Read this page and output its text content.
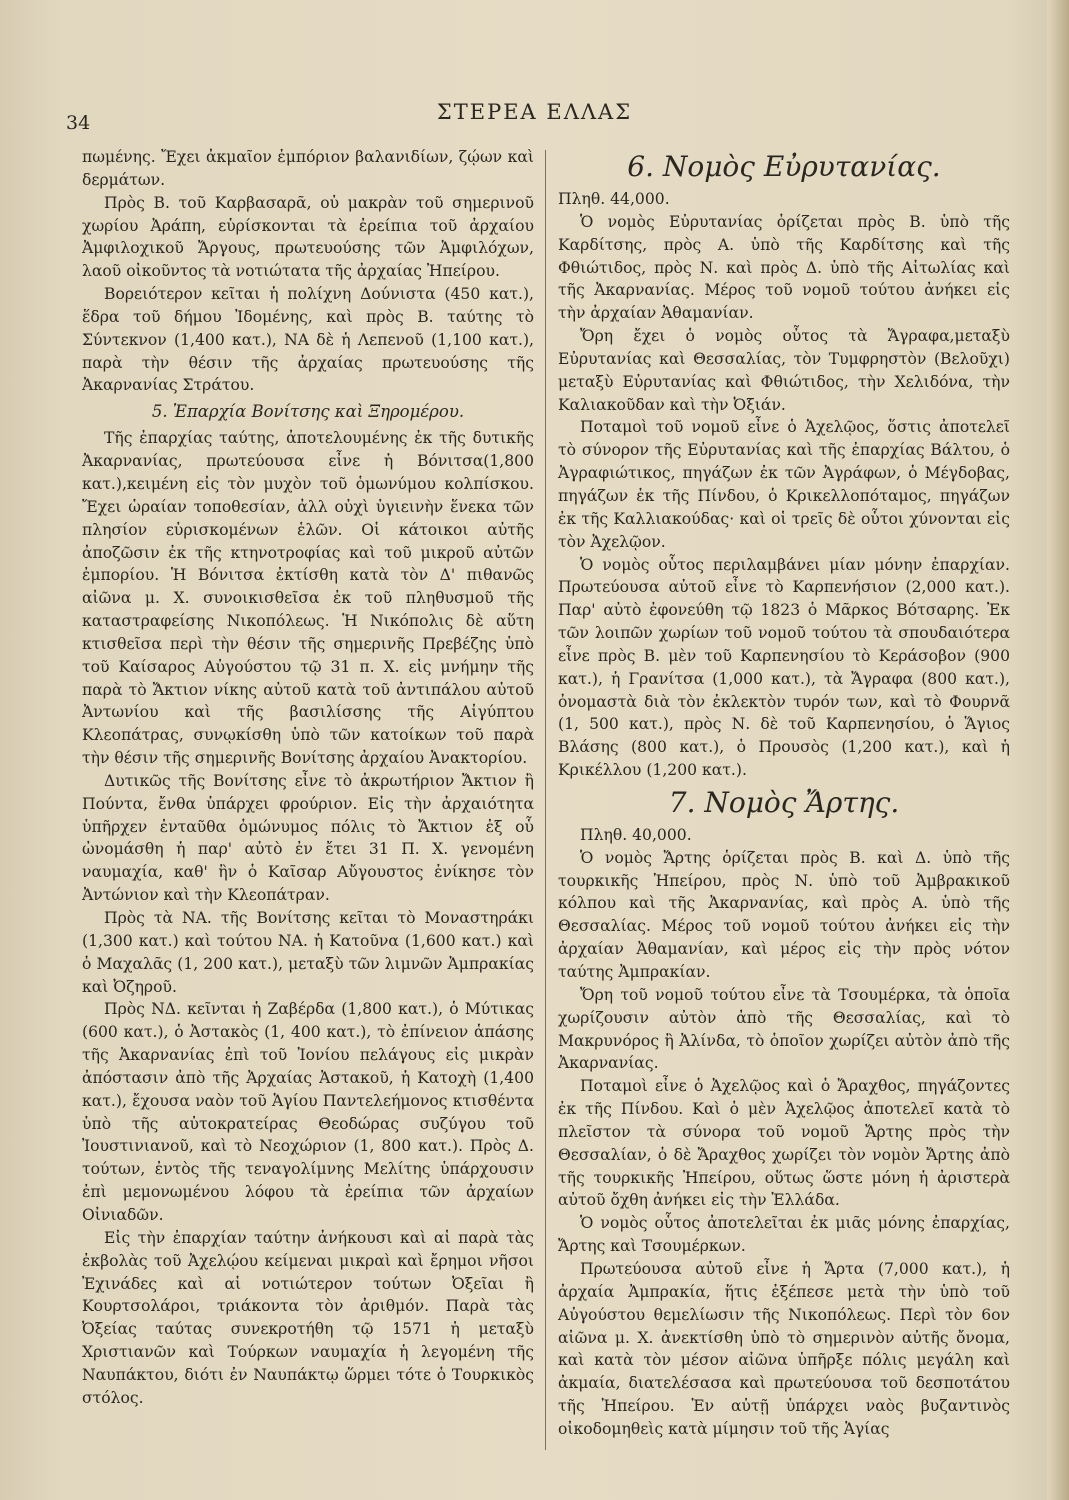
34	ΣΤΕΡΕΑ ΕΛΛΑΣ

πωμένης. Ἔχει ἀκμαῖον ἐμπόριον βαλανιδίων, ζῴων καὶ δερμάτων.

Πρὸς Β. τοῦ Καρβασαρᾶ, οὐ μακρὰν τοῦ σημερινοῦ χωρίου Ἀράπη, εὑρίσκονται τὰ ἐρείπια τοῦ ἀρχαίου Ἀμφιλοχικοῦ Ἄργους, πρωτευούσης τῶν Ἀμφιλόχων, λαοῦ οἰκοῦντος τὰ νοτιώτατα τῆς ἀρχαίας Ἠπείρου.

Βορειότερον κεῖται ἡ πολίχνη Δούνιστα (450 κατ.), ἕδρα τοῦ δήμου Ἰδομένης, καὶ πρὸς Β. ταύτης τὸ Σύντεκνον (1,400 κατ.), ΝΑ δὲ ἡ Λεπενοῦ (1,100 κατ.), παρὰ τὴν θέσιν τῆς ἀρχαίας πρωτευούσης τῆς Ἀκαρνανίας Στράτου.

5. Ἐπαρχία Βονίτσης καὶ Ξηρομέρου.

Τῆς ἐπαρχίας ταύτης, ἀποτελουμένης ἐκ τῆς δυτικῆς Ἀκαρνανίας, πρωτεύουσα εἶνε ἡ Βόνιτσα(1,800 κατ.),κειμένη εἰς τὸν μυχὸν τοῦ ὁμωνύμου κολπίσκου. Ἔχει ὡραίαν τοποθεσίαν, ἀλλ οὐχὶ ὑγιεινὴν ἕνεκα τῶν πλησίον εὑρισκομένων ἑλῶν. Οἱ κάτοικοι αὐτῆς ἀποζῶσιν ἐκ τῆς κτηνοτροφίας καὶ τοῦ μικροῦ αὐτῶν ἐμπορίου. Ἡ Βόνιτσα ἐκτίσθη κατὰ τὸν Δ' πιθανῶς αἰῶνα μ. Χ. συνοικισθεῖσα ἐκ τοῦ πληθυσμοῦ τῆς καταστραφείσης Νικοπόλεως. Ἡ Νικόπολις δὲ αὕτη κτισθεῖσα περὶ τὴν θέσιν τῆς σημερινῆς Πρεβέζης ὑπὸ τοῦ Καίσαρος Αὐγούστου τῷ 31 π. Χ. εἰς μνήμην τῆς παρὰ τὸ Ἄκτιον νίκης αὐτοῦ κατὰ τοῦ ἀντιπάλου αὐτοῦ Ἀντωνίου καὶ τῆς βασιλίσσης τῆς Αἰγύπτου Κλεοπάτρας, συνῳκίσθη ὑπὸ τῶν κατοίκων τοῦ παρὰ τὴν θέσιν τῆς σημερινῆς Βονίτσης ἀρχαίου Ἀνακτορίου.

Δυτικῶς τῆς Βονίτσης εἶνε τὸ ἀκρωτήριον Ἄκτιον ἢ Πούντα, ἔνθα ὑπάρχει φρούριον. Εἰς τὴν ἀρχαιότητα ὑπῆρχεν ἐνταῦθα ὁμώνυμος πόλις τὸ Ἄκτιον ἐξ οὗ ὠνομάσθη ἡ παρ' αὐτὸ ἐν ἔτει 31 Π. Χ. γενομένη ναυμαχία, καθ' ἣν ὁ Καῖσαρ Αὔγουστος ἐνίκησε τὸν Ἀντώνιον καὶ τὴν Κλεοπάτραν.

Πρὸς τὰ ΝΑ. τῆς Βονίτσης κεῖται τὸ Μοναστηράκι (1,300 κατ.) καὶ τούτου ΝΑ. ἡ Κατοῦνα (1,600 κατ.) καὶ ὁ Μαχαλᾶς (1, 200 κατ.), μεταξὺ τῶν λιμνῶν Ἀμπρακίας καὶ Ὀζηροῦ.

Πρὸς ΝΔ. κεῖνται ἡ Ζαβέρδα (1,800 κατ.), ὁ Μύτικας (600 κατ.), ὁ Ἀστακὸς (1, 400 κατ.), τὸ ἐπίνειον ἁπάσης τῆς Ἀκαρνανίας ἐπὶ τοῦ Ἰονίου πελάγους εἰς μικρὰν ἀπόστασιν ἀπὸ τῆς Ἀρχαίας Ἀστακοῦ, ἡ Κατοχὴ (1,400 κατ.), ἔχουσα ναὸν τοῦ Ἁγίου Παντελεήμονος κτισθέντα ὑπὸ τῆς αὐτοκρατείρας Θεοδώρας συζύγου τοῦ Ἰουστινιανοῦ, καὶ τὸ Νεοχώριον (1, 800 κατ.). Πρὸς Δ. τούτων, ἐντὸς τῆς τεναγολίμνης Μελίτης ὑπάρχουσιν ἐπὶ μεμονωμένου λόφου τὰ ἐρείπια τῶν ἀρχαίων Οἰνιαδῶν.

Εἰς τὴν ἐπαρχίαν ταύτην ἀνήκουσι καὶ αἱ παρὰ τὰς ἐκβολὰς τοῦ Ἀχελῴου κείμεναι μικραὶ καὶ ἔρημοι νῆσοι Ἐχινάδες καὶ αἱ νοτιώτερον τούτων Ὀξεῖαι ἢ Κουρτσολάροι, τριάκοντα τὸν ἀριθμόν. Παρὰ τὰς Ὀξείας ταύτας συνεκροτήθη τῷ 1571 ἡ μεταξὺ Χριστιανῶν καὶ Τούρκων ναυμαχία ἡ λεγομένη τῆς Ναυπάκτου, διότι ἐν Ναυπάκτῳ ὥρμει τότε ὁ Τουρκικὸς στόλος.

6. Νομὸς Εὐρυτανίας.

Πληθ. 44,000.

Ὁ νομὸς Εὐρυτανίας ὁρίζεται πρὸς Β. ὑπὸ τῆς Καρδίτσης, πρὸς Α. ὑπὸ τῆς Καρδίτσης καὶ τῆς Φθιώτιδος, πρὸς Ν. καὶ πρὸς Δ. ὑπὸ τῆς Αἰτωλίας καὶ τῆς Ἀκαρνανίας. Μέρος τοῦ νομοῦ τούτου ἀνήκει εἰς τὴν ἀρχαίαν Ἀθαμανίαν.

Ὄρη ἔχει ὁ νομὸς οὗτος τὰ Ἄγραφα,μεταξὺ Εὐρυτανίας καὶ Θεσσαλίας, τὸν Τυμφρηστὸν (Βελοῦχι) μεταξὺ Εὐρυτανίας καὶ Φθιώτιδος, τὴν Χελιδόνα, τὴν Καλιακοῦδαν καὶ τὴν Ὀξιάν.

Ποταμοὶ τοῦ νομοῦ εἶνε ὁ Ἀχελῷος, ὅστις ἀποτελεῖ τὸ σύνορον τῆς Εὐρυτανίας καὶ τῆς ἐπαρχίας Βάλτου, ὁ Ἀγραφιώτικος, πηγάζων ἐκ τῶν Ἀγράφων, ὁ Μέγδοβας, πηγάζων ἐκ τῆς Πίνδου, ὁ Κρικελλοπόταμος, πηγάζων ἐκ τῆς Καλλιακούδας· καὶ οἱ τρεῖς δὲ οὗτοι χύνονται εἰς τὸν Ἀχελῷον.

Ὁ νομὸς οὗτος περιλαμβάνει μίαν μόνην ἐπαρχίαν. Πρωτεύουσα αὐτοῦ εἶνε τὸ Καρπενήσιον (2,000 κατ.). Παρ' αὐτὸ ἐφονεύθη τῷ 1823 ὁ Μᾶρκος Βότσαρης. Ἐκ τῶν λοιπῶν χωρίων τοῦ νομοῦ τούτου τὰ σπουδαιότερα εἶνε πρὸς Β. μὲν τοῦ Καρπενησίου τὸ Κεράσοβον (900 κατ.), ἡ Γρανίτσα (1,000 κατ.), τὰ Ἄγραφα (800 κατ.), ὀνομαστὰ διὰ τὸν ἐκλεκτὸν τυρόν των, καὶ τὸ Φουρνᾶ (1, 500 κατ.), πρὸς Ν. δὲ τοῦ Καρπενησίου, ὁ Ἅγιος Βλάσης (800 κατ.), ὁ Προυσὸς (1,200 κατ.), καὶ ἡ Κρικέλλου (1,200 κατ.).

7. Νομὸς Ἄρτης.

Πληθ. 40,000.

Ὁ νομὸς Ἄρτης ὁρίζεται πρὸς Β. καὶ Δ. ὑπὸ τῆς τουρκικῆς Ἠπείρου, πρὸς Ν. ὑπὸ τοῦ Ἀμβρακικοῦ κόλπου καὶ τῆς Ἀκαρνανίας, καὶ πρὸς Α. ὑπὸ τῆς Θεσσαλίας. Μέρος τοῦ νομοῦ τούτου ἀνήκει εἰς τὴν ἀρχαίαν Ἀθαμανίαν, καὶ μέρος εἰς τὴν πρὸς νότον ταύτης Ἀμπρακίαν.

Ὄρη τοῦ νομοῦ τούτου εἶνε τὰ Τσουμέρκα, τὰ ὁποῖα χωρίζουσιν αὐτὸν ἀπὸ τῆς Θεσσαλίας, καὶ τὸ Μακρυνόρος ἢ Ἀλίνδα, τὸ ὁποῖον χωρίζει αὐτὸν ἀπὸ τῆς Ἀκαρνανίας.

Ποταμοὶ εἶνε ὁ Ἀχελῷος καὶ ὁ Ἄραχθος, πηγάζοντες ἐκ τῆς Πίνδου. Καὶ ὁ μὲν Ἀχελῷος ἀποτελεῖ κατὰ τὸ πλεῖστον τὰ σύνορα τοῦ νομοῦ Ἄρτης πρὸς τὴν Θεσσαλίαν, ὁ δὲ Ἄραχθος χωρίζει τὸν νομὸν Ἄρτης ἀπὸ τῆς τουρκικῆς Ἠπείρου, οὕτως ὥστε μόνη ἡ ἀριστερὰ αὐτοῦ ὄχθη ἀνήκει εἰς τὴν Ἑλλάδα.

Ὁ νομὸς οὗτος ἀποτελεῖται ἐκ μιᾶς μόνης ἐπαρχίας, Ἄρτης καὶ Τσουμέρκων.

Πρωτεύουσα αὐτοῦ εἶνε ἡ Ἄρτα (7,000 κατ.), ἡ ἀρχαία Ἀμπρακία, ἥτις ἐξέπεσε μετὰ τὴν ὑπὸ τοῦ Αὐγούστου θεμελίωσιν τῆς Νικοπόλεως. Περὶ τὸν 6ον αἰῶνα μ. Χ. ἀνεκτίσθη ὑπὸ τὸ σημερινὸν αὐτῆς ὄνομα, καὶ κατὰ τὸν μέσον αἰῶνα ὑπῆρξε πόλις μεγάλη καὶ ἀκμαία, διατελέσασα καὶ πρωτεύουσα τοῦ δεσποτάτου τῆς Ἠπείρου. Ἐν αὐτῇ ὑπάρχει ναὸς βυζαντινὸς οἰκοδομηθεὶς κατὰ μίμησιν τοῦ τῆς Ἁγίας
